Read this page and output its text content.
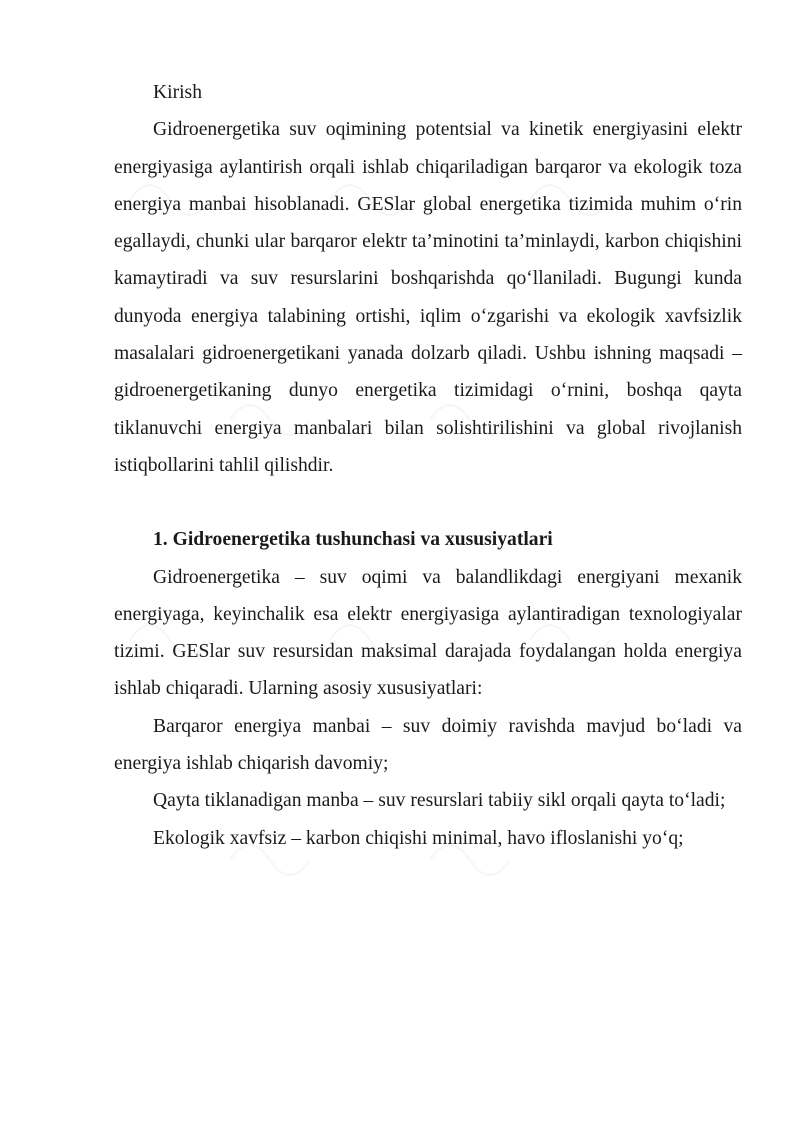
Kirish

Gidroenergetika suv oqimining potentsial va kinetik energiyasini elektr energiyasiga aylantirish orqali ishlab chiqariladigan barqaror va ekologik toza energiya manbai hisoblanadi. GESlar global energetika tizimida muhim o‘rin egallaydi, chunki ular barqaror elektr ta’minotini ta’minlaydi, karbon chiqishini kamaytiradi va suv resurslarini boshqarishda qo‘llaniladi. Bugungi kunda dunyoda energiya talabining ortishi, iqlim o‘zgarishi va ekologik xavfsizlik masalalari gidroenergetikani yanada dolzarb qiladi. Ushbu ishning maqsadi – gidroenergetikaning dunyo energetika tizimidagi o‘rnini, boshqa qayta tiklanuvchi energiya manbalari bilan solishtirilishini va global rivojlanish istiqbollarini tahlil qilishdir.

1. Gidroenergetika tushunchasi va xususiyatlari

Gidroenergetika – suv oqimi va balandlikdagi energiyani mexanik energiyaga, keyinchalik esa elektr energiyasiga aylantiradigan texnologiyalar tizimi. GESlar suv resursidan maksimal darajada foydalangan holda energiya ishlab chiqaradi. Ularning asosiy xususiyatlari:

Barqaror energiya manbai – suv doimiy ravishda mavjud bo‘ladi va energiya ishlab chiqarish davomiy;

Qayta tiklanadigan manba – suv resurslari tabiiy sikl orqali qayta to‘ladi;

Ekologik xavfsiz – karbon chiqishi minimal, havo ifloslanishi yo‘q;
